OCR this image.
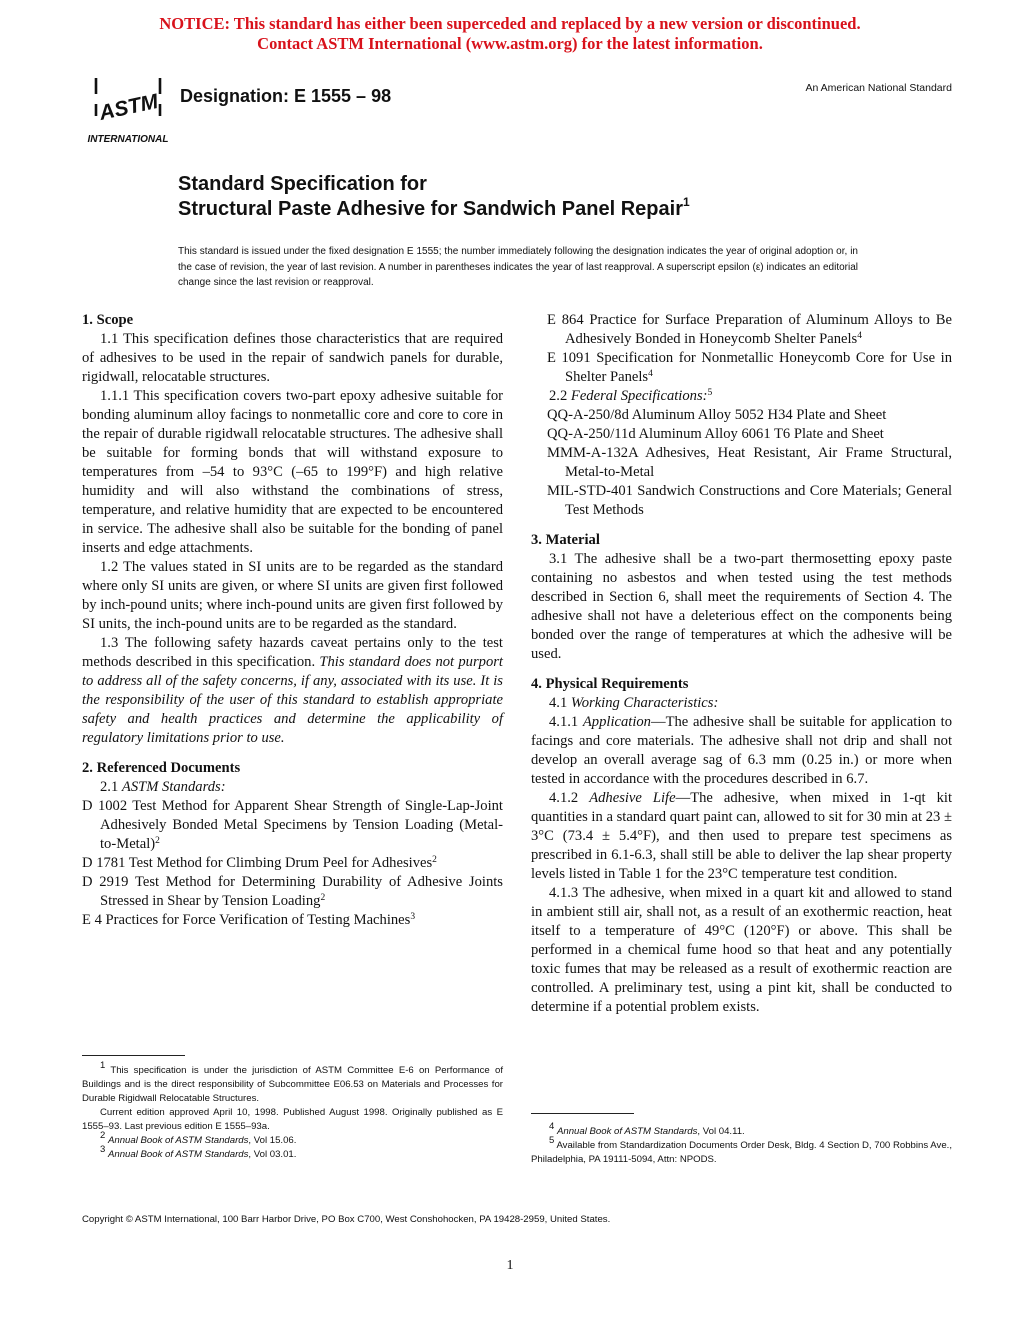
NOTICE: This standard has either been superceded and replaced by a new version or discontinued.
Contact ASTM International (www.astm.org) for the latest information.
ASTM
INTERNATIONAL
Designation: E 1555 – 98	An American National Standard
Standard Specification for
Structural Paste Adhesive for Sandwich Panel Repair$^1$
This standard is issued under the fixed designation E 1555; the number immediately following the designation indicates the year of original adoption or, in the case of revision, the year of last revision. A number in parentheses indicates the year of last reapproval. A superscript epsilon (ε) indicates an editorial change since the last revision or reapproval.

1. Scope

1.1 This specification defines those characteristics that are required of adhesives to be used in the repair of sandwich panels for durable, rigidwall, relocatable structures.

1.1.1 This specification covers two-part epoxy adhesive suitable for bonding aluminum alloy facings to nonmetallic core and core to core in the repair of durable rigidwall relocatable structures. The adhesive shall be suitable for forming bonds that will withstand exposure to temperatures from –54 to 93°C (–65 to 199°F) and high relative humidity and will also withstand the combinations of stress, temperature, and relative humidity that are expected to be encountered in service. The adhesive shall also be suitable for the bonding of panel inserts and edge attachments.

1.2 The values stated in SI units are to be regarded as the standard where only SI units are given, or where SI units are given first followed by inch-pound units; where inch-pound units are given first followed by SI units, the inch-pound units are to be regarded as the standard.

1.3 The following safety hazards caveat pertains only to the test methods described in this specification. This standard does not purport to address all of the safety concerns, if any, associated with its use. It is the responsibility of the user of this standard to establish appropriate safety and health practices and determine the applicability of regulatory limitations prior to use.

2. Referenced Documents

2.1 ASTM Standards:

D 1002 Test Method for Apparent Shear Strength of Single-Lap-Joint Adhesively Bonded Metal Specimens by Tension Loading (Metal-to-Metal)$^2$

D 1781 Test Method for Climbing Drum Peel for Adhesives$^2$

D 2919 Test Method for Determining Durability of Adhesive Joints Stressed in Shear by Tension Loading$^2$

E 4 Practices for Force Verification of Testing Machines$^3$

E 864 Practice for Surface Preparation of Aluminum Alloys to Be Adhesively Bonded in Honeycomb Shelter Panels$^4$

E 1091 Specification for Nonmetallic Honeycomb Core for Use in Shelter Panels$^4$

2.2 Federal Specifications:$^5$

QQ-A-250/8d Aluminum Alloy 5052 H34 Plate and Sheet

QQ-A-250/11d Aluminum Alloy 6061 T6 Plate and Sheet

MMM-A-132A Adhesives, Heat Resistant, Air Frame Structural, Metal-to-Metal

MIL-STD-401 Sandwich Constructions and Core Materials; General Test Methods

3. Material

3.1 The adhesive shall be a two-part thermosetting epoxy paste containing no asbestos and when tested using the test methods described in Section 6, shall meet the requirements of Section 4. The adhesive shall not have a deleterious effect on the components being bonded over the range of temperatures at which the adhesive will be used.

4. Physical Requirements

4.1 Working Characteristics:

4.1.1 Application—The adhesive shall be suitable for application to facings and core materials. The adhesive shall not drip and shall not develop an overall average sag of 6.3 mm (0.25 in.) or more when tested in accordance with the procedures described in 6.7.

4.1.2 Adhesive Life—The adhesive, when mixed in 1-qt kit quantities in a standard quart paint can, allowed to sit for 30 min at 23 ± 3°C (73.4 ± 5.4°F), and then used to prepare test specimens as prescribed in 6.1-6.3, shall still be able to deliver the lap shear property levels listed in Table 1 for the 23°C temperature test condition.

4.1.3 The adhesive, when mixed in a quart kit and allowed to stand in ambient still air, shall not, as a result of an exothermic reaction, heat itself to a temperature of 49°C (120°F) or above. This shall be performed in a chemical fume hood so that heat and any potentially toxic fumes that may be released as a result of exothermic reaction are controlled. A preliminary test, using a pint kit, shall be conducted to determine if a potential problem exists.

$^1$ This specification is under the jurisdiction of ASTM Committee E-6 on Performance of Buildings and is the direct responsibility of Subcommittee E06.53 on Materials and Processes for Durable Rigidwall Relocatable Structures.

Current edition approved April 10, 1998. Published August 1998. Originally published as E 1555–93. Last previous edition E 1555–93a.

$^2$ Annual Book of ASTM Standards, Vol 15.06.

$^3$ Annual Book of ASTM Standards, Vol 03.01.

$^4$ Annual Book of ASTM Standards, Vol 04.11.

$^5$ Available from Standardization Documents Order Desk, Bldg. 4 Section D, 700 Robbins Ave., Philadelphia, PA 19111-5094, Attn: NPODS.

Copyright © ASTM International, 100 Barr Harbor Drive, PO Box C700, West Conshohocken, PA 19428-2959, United States.
1
